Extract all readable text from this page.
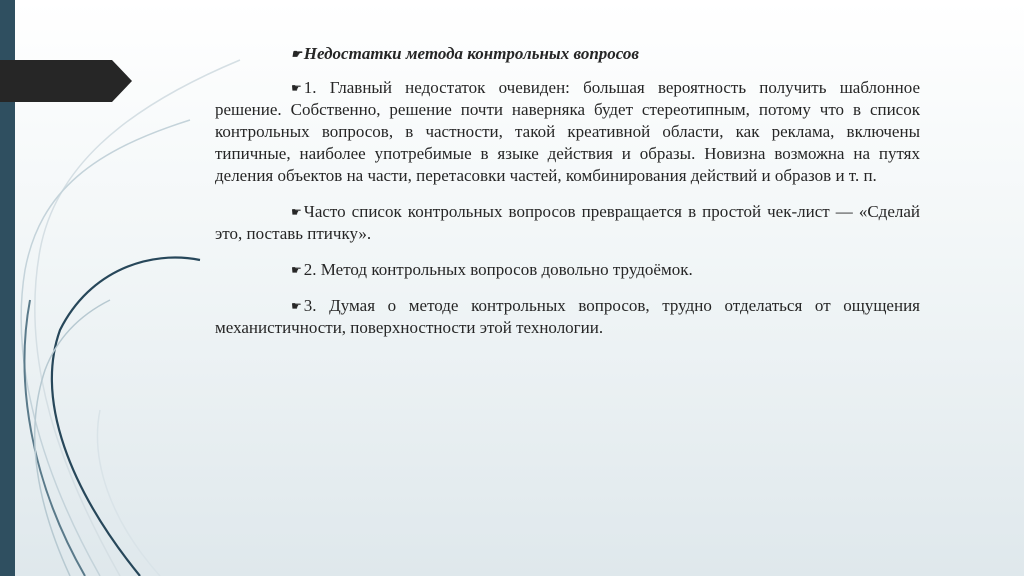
☛ Недостатки метода контрольных вопросов

☛ 1. Главный недостаток очевиден: большая вероятность получить шаблонное решение. Собственно, решение почти наверняка будет стереотипным, потому что в список контрольных вопросов, в частности, такой креативной области, как реклама, включены типичные, наиболее употребимые в языке действия и образы. Новизна возможна на путях деления объектов на части, перетасовки частей, комбинирования действий и образов и т. п.

☛ Часто список контрольных вопросов превращается в простой чек-лист — «Сделай это, поставь птичку».

☛ 2. Метод контрольных вопросов довольно трудоёмок.

☛ 3. Думая о методе контрольных вопросов, трудно отделаться от ощущения механистичности, поверхностности этой технологии.
